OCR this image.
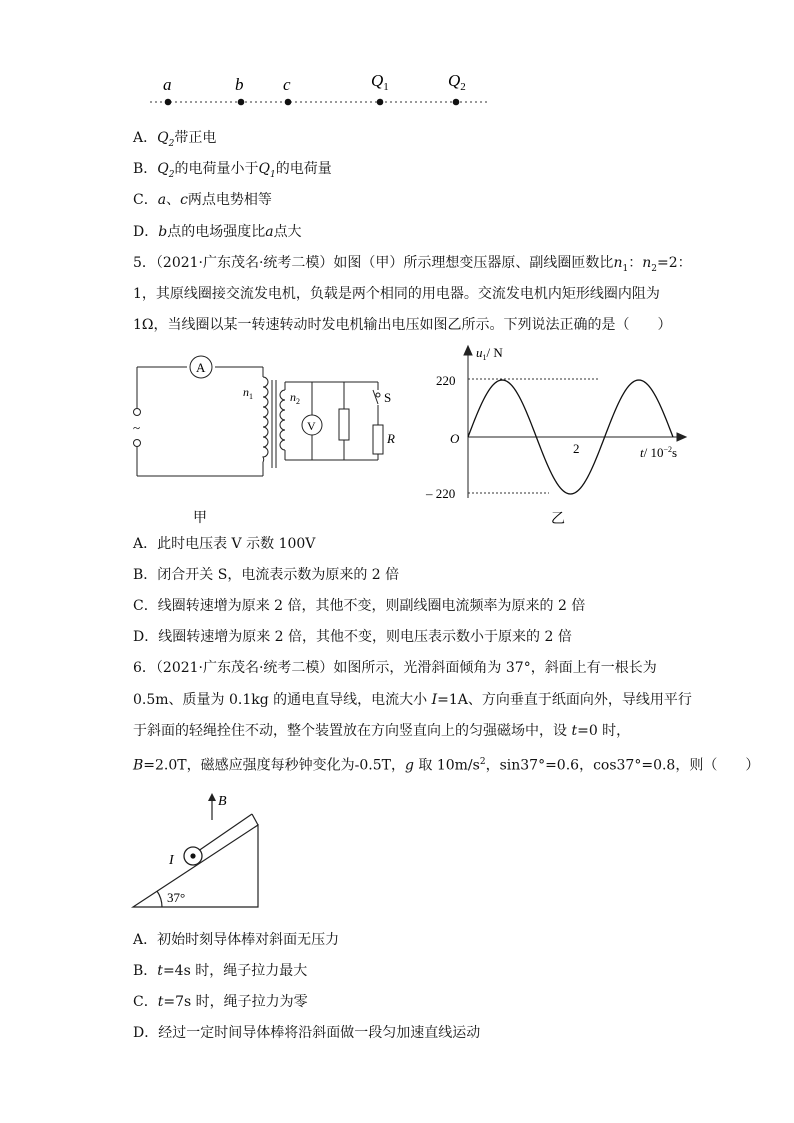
a	b c	$Q_1$	$Q_2$
A．$Q_2$带正电
B．$Q_2$的电荷量小于$Q_1$的电荷量
C．a、c两点电势相等
D．b点的电场强度比a点大
5．（2021·广东茂名·统考二模）如图（甲）所示理想变压器原、副线圈匝数比$n_1$：$n_2=2$：
1，其原线圈接交流发电机，负载是两个相同的用电器。交流发电机内矩形线圈内阻为
1Ω，当线圈以某一转速转动时发电机输出电压如图乙所示。下列说法正确的是（　　）
A
~	V
$n_1$	$n_2$	S
R
甲
$u_1/$ N
220
– 220
O
2	t/ $10^{-2}s$
乙
A．此时电压表 V 示数 100V
B．闭合开关 S，电流表示数为原来的 2 倍
C．线圈转速增为原来 2 倍，其他不变，则副线圈电流频率为原来的 2 倍
D．线圈转速增为原来 2 倍，其他不变，则电压表示数小于原来的 2 倍
6．（2021·广东茂名·统考二模）如图所示，光滑斜面倾角为 37°，斜面上有一根长为
0.5m、质量为 0.1kg 的通电直导线，电流大小 I=1A、方向垂直于纸面向外，导线用平行
于斜面的轻绳拴住不动，整个装置放在方向竖直向上的匀强磁场中，设 t=0 时，
B=2.0T，磁感应强度每秒钟变化为-0.5T，g 取 $10m/s^2$，sin37°=0.6，cos37°=0.8，则（　　）
B
I
37°
A．初始时刻导体棒对斜面无压力
B．t=4s 时，绳子拉力最大
C．t=7s 时，绳子拉力为零
D．经过一定时间导体棒将沿斜面做一段匀加速直线运动
